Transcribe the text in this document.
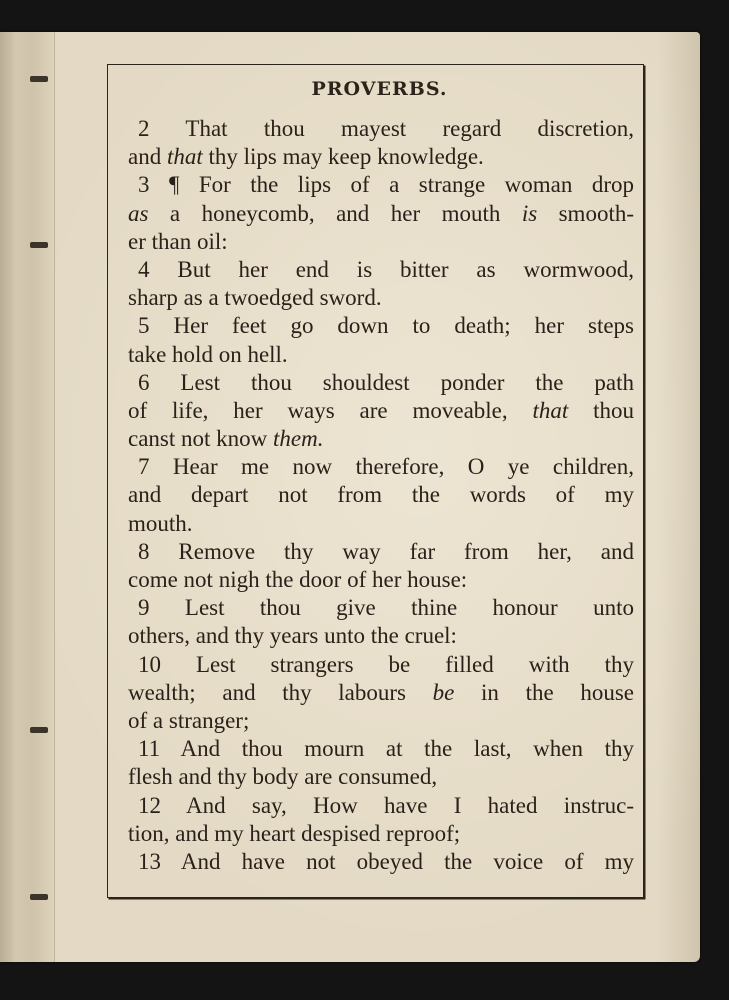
PROVERBS.
2 That thou mayest regard discretion,
and that thy lips may keep knowledge.
3 ¶ For the lips of a strange woman drop
as a honeycomb, and her mouth is smooth-
er than oil:
4 But her end is bitter as wormwood,
sharp as a twoedged sword.
5 Her feet go down to death; her steps
take hold on hell.
6 Lest thou shouldest ponder the path
of life, her ways are moveable, that thou
canst not know them.
7 Hear me now therefore, O ye children,
and depart not from the words of my
mouth.
8 Remove thy way far from her, and
come not nigh the door of her house:
9 Lest thou give thine honour unto
others, and thy years unto the cruel:
10 Lest strangers be filled with thy
wealth; and thy labours be in the house
of a stranger;
11 And thou mourn at the last, when thy
flesh and thy body are consumed,
12 And say, How have I hated instruc-
tion, and my heart despised reproof;
13 And have not obeyed the voice of my
